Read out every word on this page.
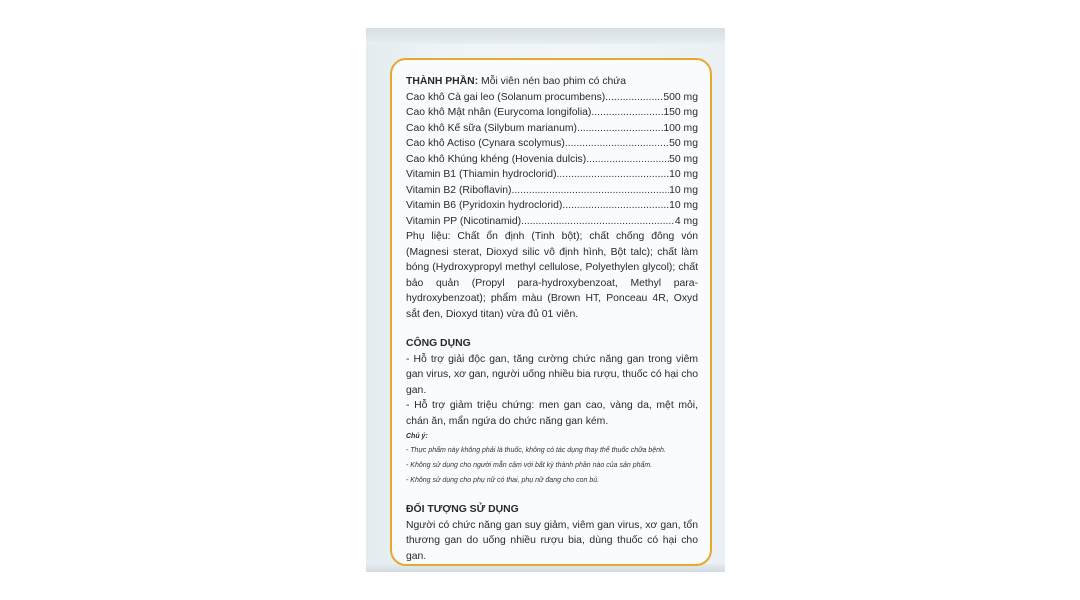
THÀNH PHẦN: Mỗi viên nén bao phim có chứa
Cao khô Cà gai leo (Solanum procumbens) .....	500 mg
Cao khô Mật nhân (Eurycoma longifolia) .....	150 mg
Cao khô Kế sữa (Silybum marianum) .....	100 mg
Cao khô Actiso (Cynara scolymus) .....	50 mg
Cao khô Khúng khéng (Hovenia dulcis) .....	50 mg
Vitamin B1 (Thiamin hydroclorid) .....	10 mg
Vitamin B2 (Riboflavin) .....	10 mg
Vitamin B6 (Pyridoxin hydroclorid) .....	10 mg
Vitamin PP (Nicotinamid) .....	4 mg
Phụ liệu: Chất ổn định (Tinh bột); chất chống đông vón (Magnesi sterat, Dioxyd silic vô định hình, Bột talc); chất làm bóng (Hydroxypropyl methyl cellulose, Polyethylen glycol); chất bảo quản (Propyl para-hydroxybenzoat, Methyl para-hydroxybenzoat); phẩm màu (Brown HT, Ponceau 4R, Oxyd sắt đen, Dioxyd titan) vừa đủ 01 viên.
CÔNG DỤNG
- Hỗ trợ giải độc gan, tăng cường chức năng gan trong viêm gan virus, xơ gan, người uống nhiều bia rượu, thuốc có hại cho gan.
- Hỗ trợ giảm triệu chứng: men gan cao, vàng da, mệt mỏi, chán ăn, mẩn ngứa do chức năng gan kém.
Chú ý:
- Thực phẩm này không phải là thuốc, không có tác dụng thay thế thuốc chữa bệnh.
- Không sử dụng cho người mẫn cảm với bất kỳ thành phần nào của sản phẩm.
- Không sử dụng cho phụ nữ có thai, phụ nữ đang cho con bú.
ĐỐI TƯỢNG SỬ DỤNG
Người có chức năng gan suy giảm, viêm gan virus, xơ gan, tổn thương gan do uống nhiều rượu bia, dùng thuốc có hại cho gan.
